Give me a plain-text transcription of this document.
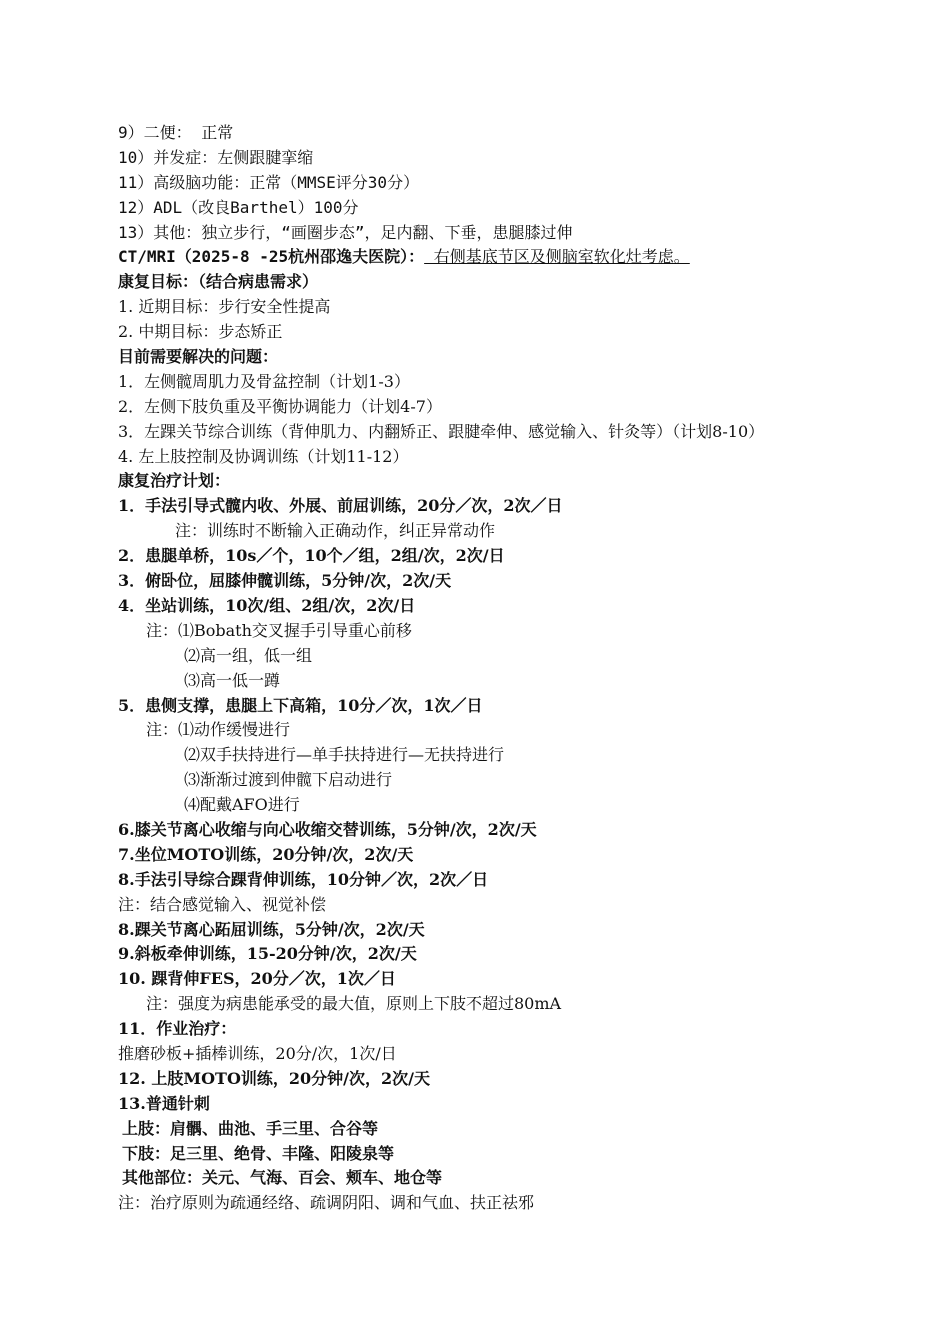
9）二便： 正常
10）并发症：左侧跟腱挛缩
11）高级脑功能：正常（MMSE评分30分）
12）ADL（改良Barthel）100分
13）其他：独立步行，“画圈步态”，足内翻、下垂，患腿膝过伸
CT/MRI（2025-8 -25杭州邵逸夫医院）： 右侧基底节区及侧脑室软化灶考虑。
康复目标：（结合病患需求）
1. 近期目标：步行安全性提高
2. 中期目标：步态矫正
目前需要解决的问题：
1．左侧髋周肌力及骨盆控制（计划1-3）
2．左侧下肢负重及平衡协调能力（计划4-7）
3．左踝关节综合训练（背伸肌力、内翻矫正、跟腱牵伸、感觉输入、针灸等）（计划8-10）
4. 左上肢控制及协调训练（计划11-12）
康复治疗计划：
1．手法引导式髋内收、外展、前屈训练，20分／次，2次／日
注：训练时不断输入正确动作，纠正异常动作
2．患腿单桥，10s／个，10个／组，2组/次，2次/日
3．俯卧位，屈膝伸髋训练，5分钟/次，2次/天
4．坐站训练，10次/组、2组/次，2次/日
注：⑴Bobath交叉握手引导重心前移
⑵高一组，低一组
⑶高一低一蹲
5．患侧支撑，患腿上下高箱，10分／次，1次／日
注：⑴动作缓慢进行
⑵双手扶持进行—单手扶持进行—无扶持进行
⑶渐渐过渡到伸髋下启动进行
⑷配戴AFO进行
6.膝关节离心收缩与向心收缩交替训练，5分钟/次，2次/天
7.坐位MOTO训练，20分钟/次，2次/天
8.手法引导综合踝背伸训练，10分钟／次，2次／日
注：结合感觉输入、视觉补偿
8.踝关节离心跖屈训练，5分钟/次，2次/天
9.斜板牵伸训练，15-20分钟/次，2次/天
10. 踝背伸FES，20分／次，1次／日
注：强度为病患能承受的最大值，原则上下肢不超过80mA
11．作业治疗：
推磨砂板+插棒训练，20分/次，1次/日
12. 上肢MOTO训练，20分钟/次，2次/天
13.普通针刺
上肢：肩髃、曲池、手三里、合谷等
下肢：足三里、绝骨、丰隆、阳陵泉等
其他部位：关元、气海、百会、颊车、地仓等
注：治疗原则为疏通经络、疏调阴阳、调和气血、扶正祛邪
